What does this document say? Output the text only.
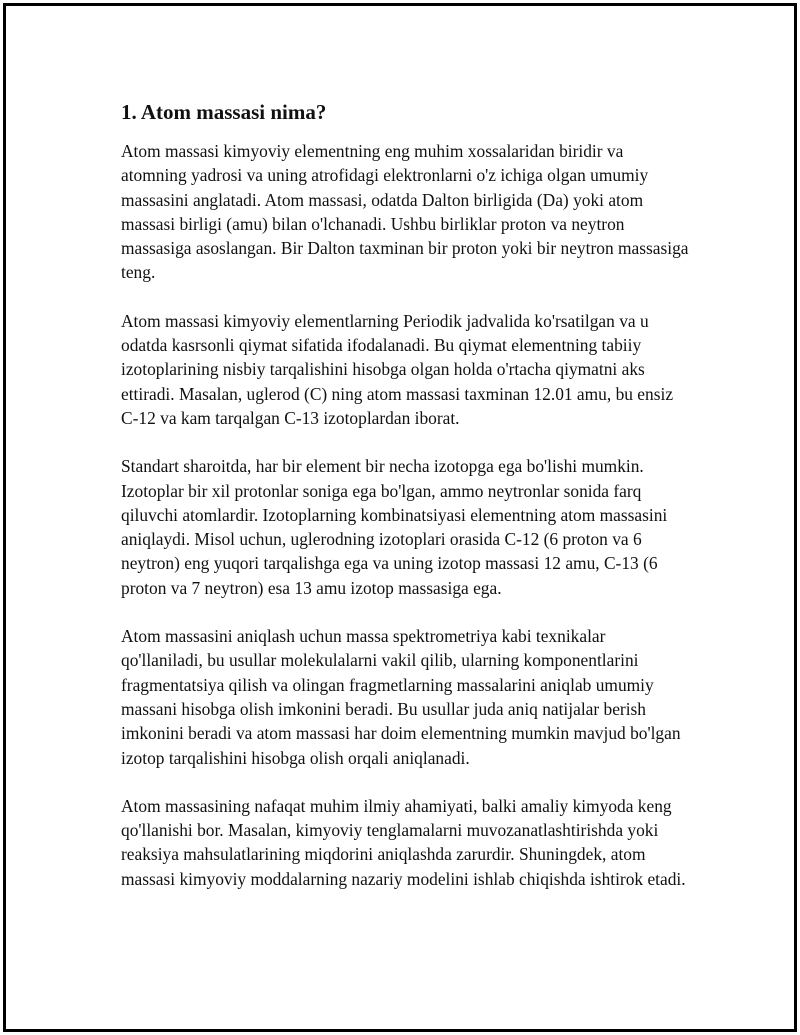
1. Atom massasi nima?

Atom massasi kimyoviy elementning eng muhim xossalaridan biridir va atomning yadrosi va uning atrofidagi elektronlarni o'z ichiga olgan umumiy massasini anglatadi. Atom massasi, odatda Dalton birligida (Da) yoki atom massasi birligi (amu) bilan o'lchanadi. Ushbu birliklar proton va neytron massasiga asoslangan. Bir Dalton taxminan bir proton yoki bir neytron massasiga teng.

Atom massasi kimyoviy elementlarning Periodik jadvalida ko'rsatilgan va u odatda kasrsonli qiymat sifatida ifodalanadi. Bu qiymat elementning tabiiy izotoplarining nisbiy tarqalishini hisobga olgan holda o'rtacha qiymatni aks ettiradi. Masalan, uglerod (C) ning atom massasi taxminan 12.01 amu, bu ensiz C-12 va kam tarqalgan C-13 izotoplardan iborat.

Standart sharoitda, har bir element bir necha izotopga ega bo'lishi mumkin. Izotoplar bir xil protonlar soniga ega bo'lgan, ammo neytronlar sonida farq qiluvchi atomlardir. Izotoplarning kombinatsiyasi elementning atom massasini aniqlaydi. Misol uchun, uglerodning izotoplari orasida C-12 (6 proton va 6 neytron) eng yuqori tarqalishga ega va uning izotop massasi 12 amu, C-13 (6 proton va 7 neytron) esa 13 amu izotop massasiga ega.

Atom massasini aniqlash uchun massa spektrometriya kabi texnikalar qo'llaniladi, bu usullar molekulalarni vakil qilib, ularning komponentlarini fragmentatsiya qilish va olingan fragmetlarning massalarini aniqlab umumiy massani hisobga olish imkonini beradi. Bu usullar juda aniq natijalar berish imkonini beradi va atom massasi har doim elementning mumkin mavjud bo'lgan izotop tarqalishini hisobga olish orqali aniqlanadi.

Atom massasining nafaqat muhim ilmiy ahamiyati, balki amaliy kimyoda keng qo'llanishi bor. Masalan, kimyoviy tenglamalarni muvozanatlashtirishda yoki reaksiya mahsulatlarining miqdorini aniqlashda zarurdir. Shuningdek, atom massasi kimyoviy moddalarning nazariy modelini ishlab chiqishda ishtirok etadi.
